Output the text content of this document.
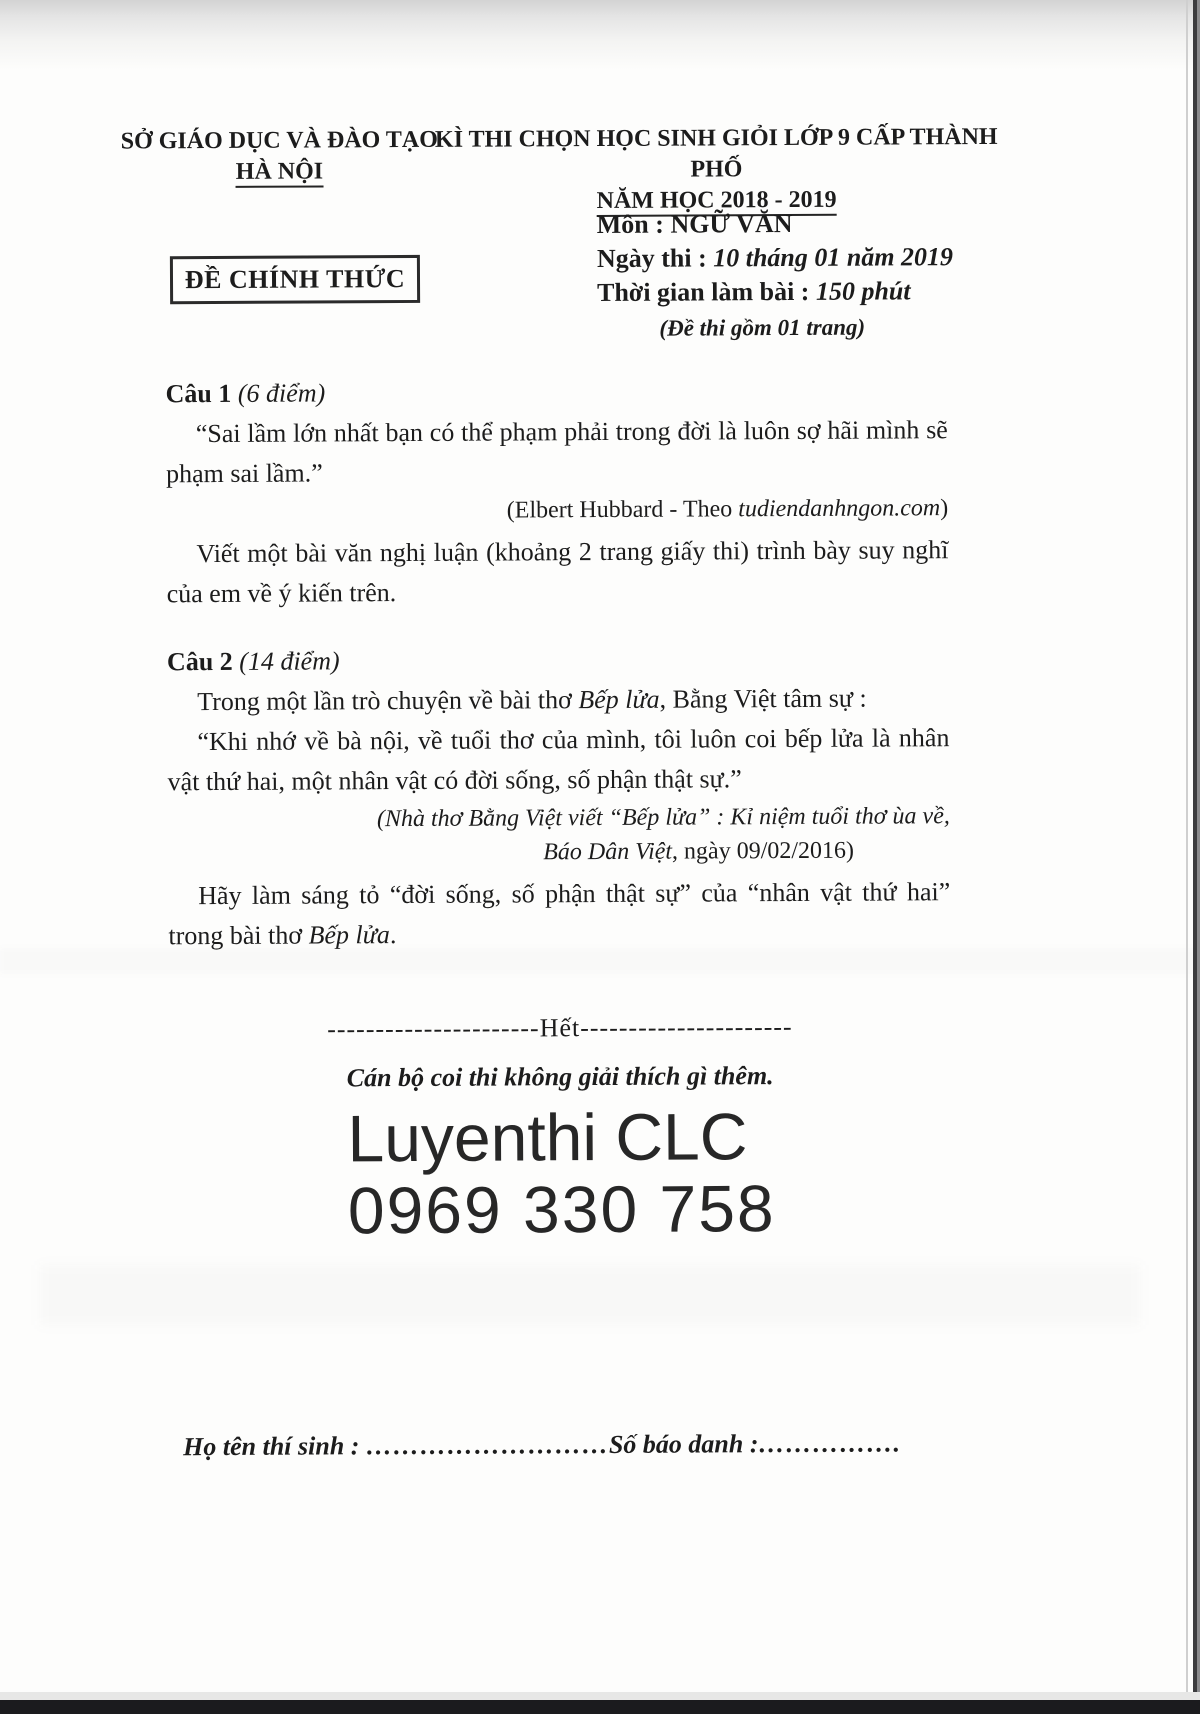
SỞ GIÁO DỤC VÀ ĐÀO TẠO
HÀ NỘI
KÌ THI CHỌN HỌC SINH GIỎI LỚP 9 CẤP THÀNH PHỐ
NĂM HỌC 2018 - 2019
ĐỀ CHÍNH THỨC
Môn : NGỮ VĂN
Ngày thi : 10 tháng 01 năm 2019
Thời gian làm bài : 150 phút
(Đề thi gồm 01 trang)

Câu 1 (6 điểm)

“Sai lầm lớn nhất bạn có thể phạm phải trong đời là luôn sợ hãi mình sẽ phạm sai lầm.”

(Elbert Hubbard - Theo tudiendanhngon.com)

Viết một bài văn nghị luận (khoảng 2 trang giấy thi) trình bày suy nghĩ của em về ý kiến trên.

Câu 2 (14 điểm)

Trong một lần trò chuyện về bài thơ Bếp lửa, Bằng Việt tâm sự :

“Khi nhớ về bà nội, về tuổi thơ của mình, tôi luôn coi bếp lửa là nhân vật thứ hai, một nhân vật có đời sống, số phận thật sự.”

(Nhà thơ Bằng Việt viết “Bếp lửa” : Kỉ niệm tuổi thơ ùa về,

Báo Dân Việt, ngày 09/02/2016)

Hãy làm sáng tỏ “đời sống, số phận thật sự” của “nhân vật thứ hai” trong bài thơ Bếp lửa.

----------------------Hết----------------------

Cán bộ coi thi không giải thích gì thêm.

Luyenthi CLC
0969 330 758
Họ tên thí sinh : ………………………Số báo danh :…………….
